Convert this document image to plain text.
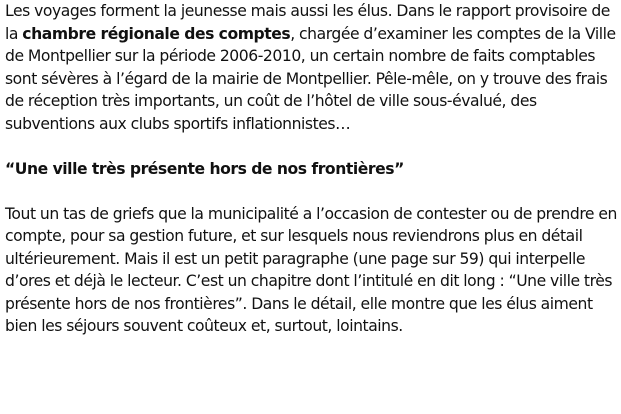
Les voyages forment la jeunesse mais aussi les élus. Dans le rapport provisoire de la chambre régionale des comptes, chargée d’examiner les comptes de la Ville de Montpellier sur la période 2006-2010, un certain nombre de faits comptables sont sévères à l’égard de la mairie de Montpellier. Pêle-mêle, on y trouve des frais de réception très importants, un coût de l’hôtel de ville sous-évalué, des subventions aux clubs sportifs inflationnistes…

“Une ville très présente hors de nos frontières”

Tout un tas de griefs que la municipalité a l’occasion de contester ou de prendre en compte, pour sa gestion future, et sur lesquels nous reviendrons plus en détail ultérieurement. Mais il est un petit paragraphe (une page sur 59) qui interpelle d’ores et déjà le lecteur. C’est un chapitre dont l’intitulé en dit long : “Une ville très présente hors de nos frontières”. Dans le détail, elle montre que les élus aiment bien les séjours souvent coûteux et, surtout, lointains.
